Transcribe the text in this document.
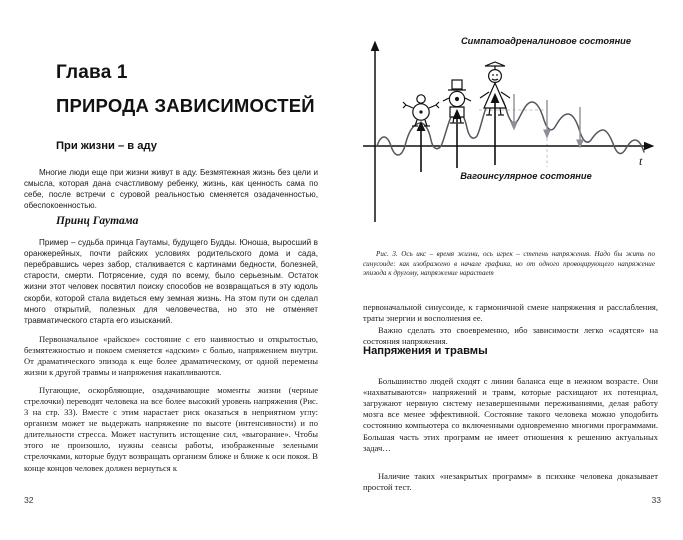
Глава 1
ПРИРОДА ЗАВИСИМОСТЕЙ
При жизни – в аду

Многие люди еще при жизни живут в аду. Безмятежная жизнь без цели и смысла, которая дана счастливому ребенку, жизнь, как ценность сама по себе, после встречи с суровой реальностью сменяется озадаченностью, обеспокоенностью.

Принц Гаутама

Пример – судьба принца Гаутамы, будущего Будды. Юноша, выросший в оранжерейных, почти райских условиях родительского дома и сада, перебравшись через забор, сталкивается с картинами бедности, болезней, старости, смерти. Потрясение, судя по всему, было серьезным. Остаток жизни этот человек посвятил поиску способов не возвращаться в эту юдоль скорби, которой стала видеться ему земная жизнь. На этом пути он сделал много открытий, полезных для человечества, но это не отменяет травматического старта его изысканий.

Первоначальное «райское» состояние с его наивностью и открытостью, безмятежностью и покоем сменяется «адским» с болью, напряжением внутри. От драматического эпизода к еще более драматическому, от одной перемены жизни к другой травмы и напряжения накапливаются.

Пугающие, оскорбляющие, озадачивающие моменты жизни (черные стрелочки) переводят человека на все более высокий уровень напряжения (Рис. 3 на стр. 33). Вместе с этим нарастает риск оказаться в неприятном углу: организм может не выдержать напряжение по высоте (интенсивности) и по длительности стресса. Может наступить истощение сил, «выгорание». Чтобы этого не произошло, нужны сеансы работы, изображенные зелеными стрелочками, которые будут возвращать организм ближе и ближе к оси покоя. В конце концов человек должен вернуться к

32
t
Симпатоадреналиновое состояние
Вагоинсулярное состояние

Рис. 3. Ось икс – время жизни, ось игрек – степень напряжения. Надо бы жить по синусоиде: как изображено в начале графика, но от одного провоцирующего напряжение эпизода к другому, напряжение нарастает

первоначальной синусоиде, к гармоничной смене напряжения и расслабления, траты энергии и восполнения ее.

Важно сделать это своевременно, ибо зависимости легко «садятся» на состояния напряжения.

Напряжения и травмы

Большинство людей сходят с линии баланса еще в нежном возрасте. Они «нахватываются» напряжений и травм, которые расхищают их потенциал, загружают нервную систему незавершенными переживаниями, делая работу мозга все менее эффективной. Состояние такого человека можно уподобить состоянию компьютера со включенными одновременно многими программами. Большая часть этих программ не имеет отношения к решению актуальных задач…

Наличие таких «незакрытых программ» в психике человека доказывает простой тест.

33
